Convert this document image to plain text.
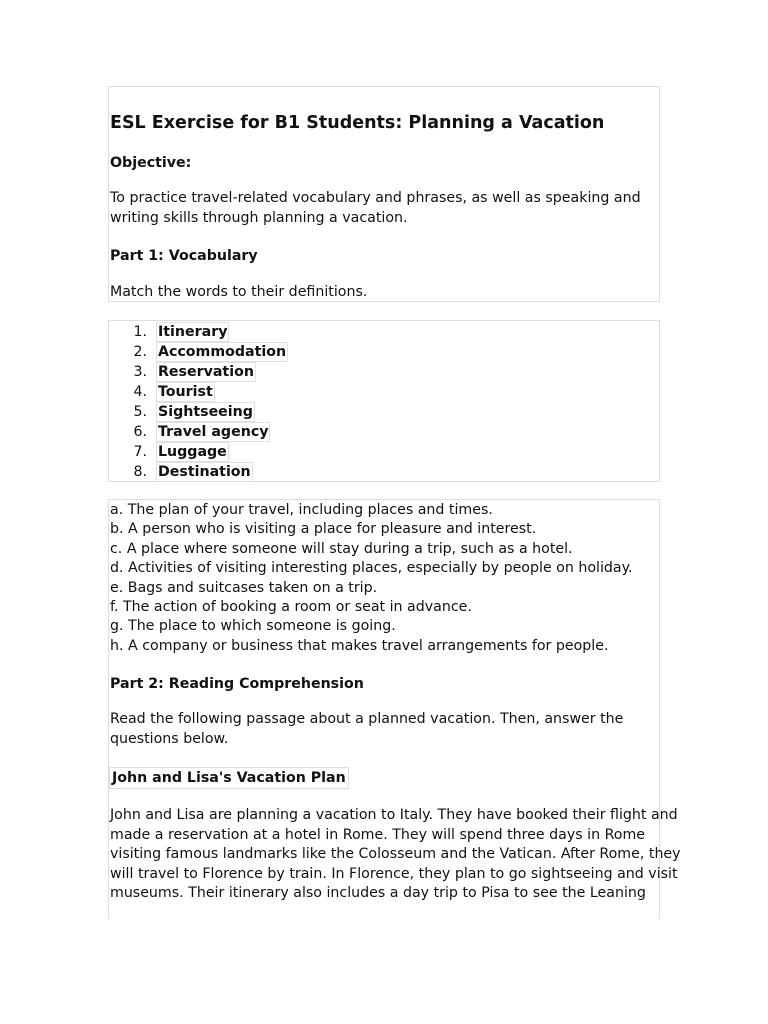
ESL Exercise for B1 Students: Planning a Vacation
Objective:
To practice travel-related vocabulary and phrases, as well as speaking and
writing skills through planning a vacation.
Part 1: Vocabulary
Match the words to their definitions.
1. Itinerary
2. Accommodation
3. Reservation
4. Tourist
5. Sightseeing
6. Travel agency
7. Luggage
8. Destination
a. The plan of your travel, including places and times.
b. A person who is visiting a place for pleasure and interest.
c. A place where someone will stay during a trip, such as a hotel.
d. Activities of visiting interesting places, especially by people on holiday.
e. Bags and suitcases taken on a trip.
f. The action of booking a room or seat in advance.
g. The place to which someone is going.
h. A company or business that makes travel arrangements for people.
Part 2: Reading Comprehension
Read the following passage about a planned vacation. Then, answer the
questions below.
John and Lisa's Vacation Plan
John and Lisa are planning a vacation to Italy. They have booked their flight and
made a reservation at a hotel in Rome. They will spend three days in Rome
visiting famous landmarks like the Colosseum and the Vatican. After Rome, they
will travel to Florence by train. In Florence, they plan to go sightseeing and visit
museums. Their itinerary also includes a day trip to Pisa to see the Leaning
